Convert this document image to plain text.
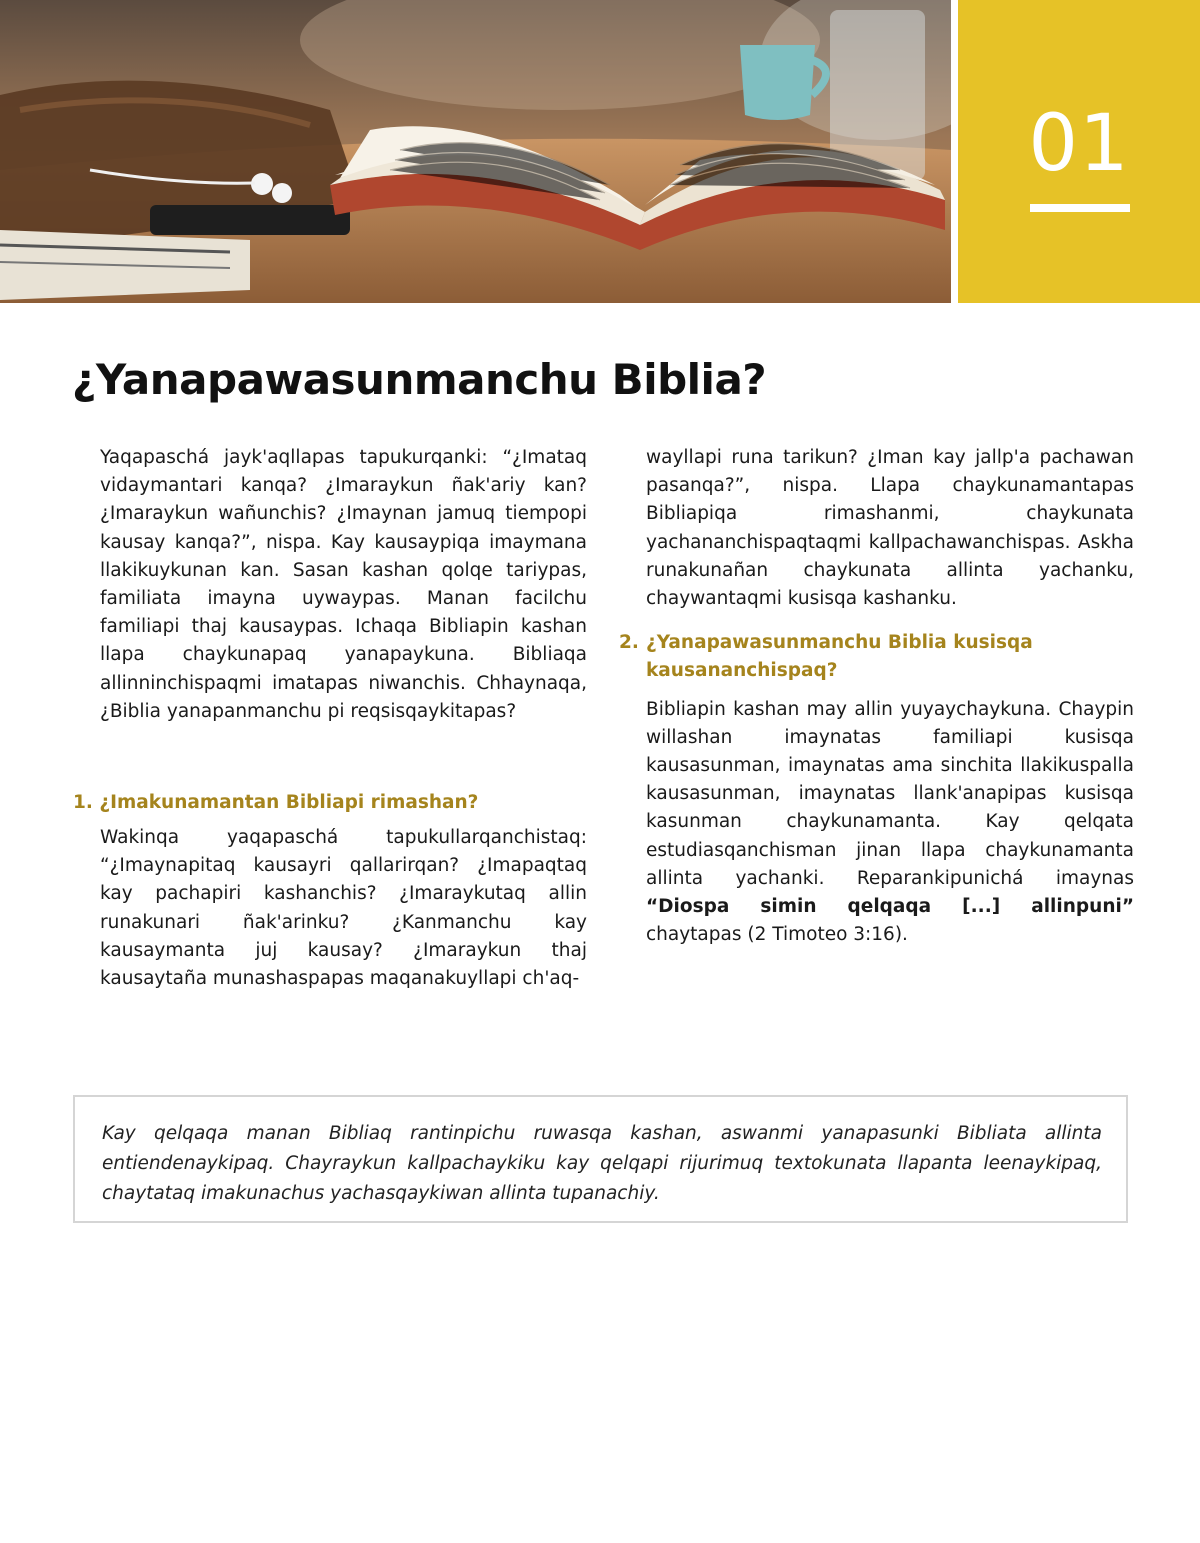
01
¿Yanapawasunmanchu Biblia?

Yaqapaschá jayk'aqllapas tapukurqanki: “¿Imataq vidaymantari kanqa? ¿Imaraykun ñak'ariy kan? ¿Imaraykun wañunchis? ¿Imaynan jamuq tiempopi kausay kanqa?”, nispa. Kay kausaypiqa imaymana llakikuykunan kan. Sasan kashan qolqe tariypas, familiata imayna uywaypas. Manan facilchu familiapi thaj kausaypas. Ichaqa Bibliapin kashan llapa chaykunapaq yanapaykuna. Bibliaqa allinninchispaqmi imatapas niwanchis. Chhaynaqa, ¿Biblia yanapanmanchu pi reqsisqaykitapas?

1. ¿Imakunamantan Bibliapi rimashan?

Wakinqa yaqapaschá tapukullarqanchistaq: “¿Imaynapitaq kausayri qallarirqan? ¿Imapaqtaq kay pachapiri kashanchis? ¿Imaraykutaq allin runakunari ñak'arinku? ¿Kanmanchu kay kausaymanta juj kausay? ¿Imaraykun thaj kausaytaña munashaspapas maqanakuyllapi ch'aq-

wayllapi runa tarikun? ¿Iman kay jallp'a pachawan pasanqa?”, nispa. Llapa chaykunamantapas Bibliapiqa rimashanmi, chaykunata yachananchispaqtaqmi kallpachawanchispas. Askha runakunañan chaykunata allinta yachanku, chaywantaqmi kusisqa kashanku.

2. ¿Yanapawasunmanchu Biblia kusisqa kausananchispaq?

Bibliapin kashan may allin yuyaychaykuna. Chaypin willashan imaynatas familiapi kusisqa kausasunman, imaynatas ama sinchita llakikuspalla kausasunman, imaynatas llank'anapipas kusisqa kasunman chaykunamanta. Kay qelqata estudiasqanchisman jinan llapa chaykunamanta allinta yachanki. Reparankipunichá imaynas “Diospa simin qelqaqa [...] allinpuni” chaytapas (2 Timoteo 3:16).

Kay qelqaqa manan Bibliaq rantinpichu ruwasqa kashan, aswanmi yanapasunki Bibliata allinta entiendenaykipaq. Chayraykun kallpachaykiku kay qelqapi rijurimuq textokunata llapanta leenaykipaq, chaytataq imakunachus yachasqaykiwan allinta tupanachiy.
